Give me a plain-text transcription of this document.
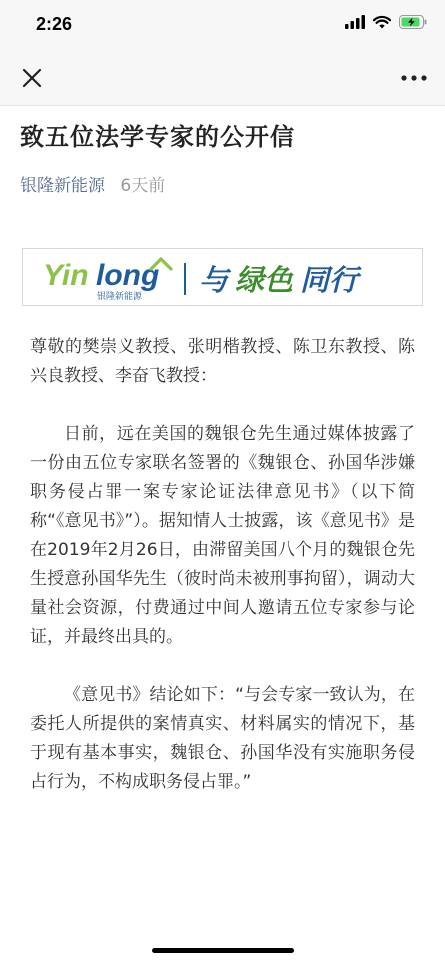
2:26
致五位法学专家的公开信
银隆新能源 6天前
Yin long
银隆新能源 与 绿色 同行

尊敬的樊崇义教授、张明楷教授、陈卫东教授、陈兴良教授、李奋飞教授：

日前，远在美国的魏银仓先生通过媒体披露了一份由五位专家联名签署的《魏银仓、孙国华涉嫌职务侵占罪一案专家论证法律意见书》（以下简称“《意见书》”）。据知情人士披露，该《意见书》是在2019年2月26日，由滞留美国八个月的魏银仓先生授意孙国华先生（彼时尚未被刑事拘留），调动大量社会资源，付费通过中间人邀请五位专家参与论证，并最终出具的。

《意见书》结论如下：“与会专家一致认为，在委托人所提供的案情真实、材料属实的情况下，基于现有基本事实，魏银仓、孙国华没有实施职务侵占行为，不构成职务侵占罪。”
